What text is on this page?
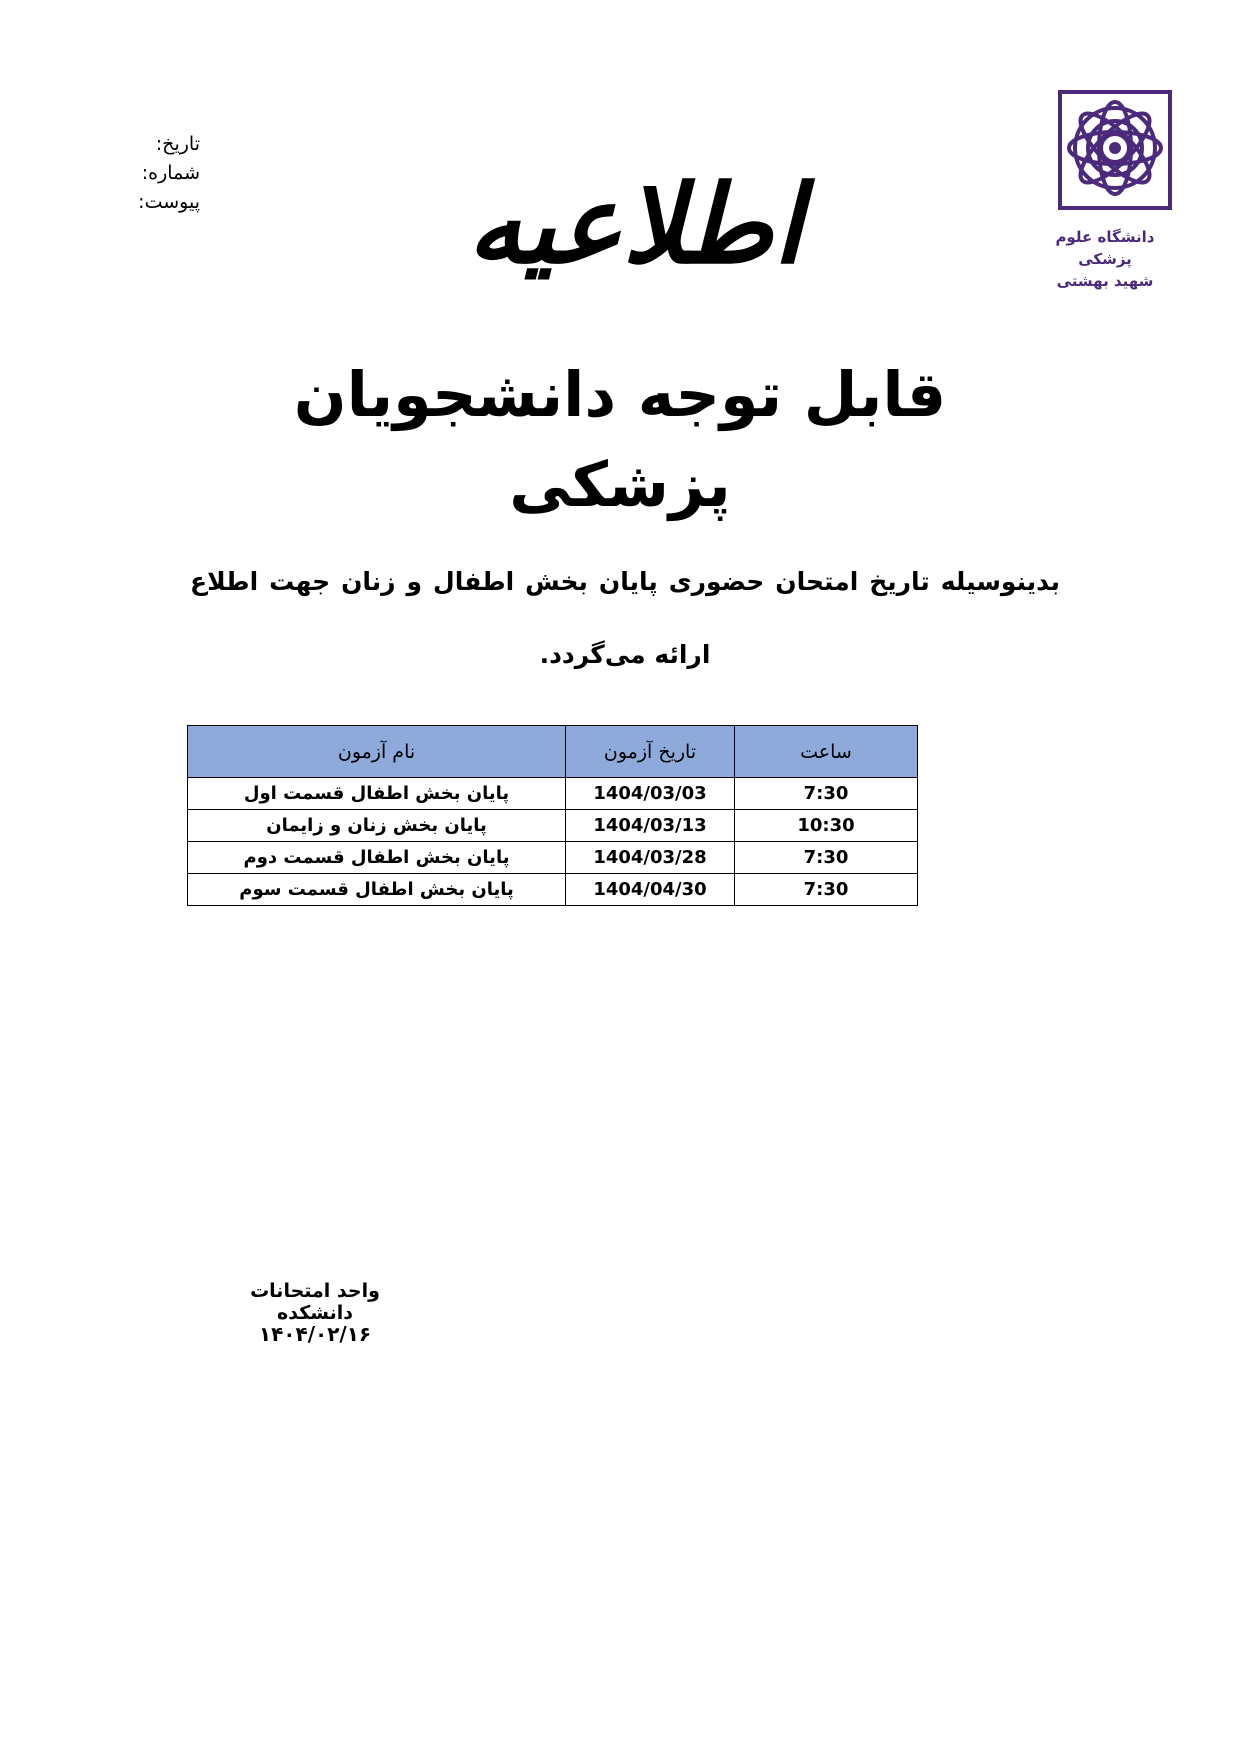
تاریخ:
شماره:
پیوست:
دانشگاه علوم پزشکی
شهید بهشتی
اطلاعیه
قابل توجه دانشجویان پزشکی
بدینوسیله تاریخ امتحان حضوری پایان بخش اطفال و زنان جهت اطلاع ارائه می‌گردد.
ساعت	تاریخ آزمون	نام آزمون
7:30	1404/03/03	پایان بخش اطفال قسمت اول
10:30	1404/03/13	پایان بخش زنان و زایمان
7:30	1404/03/28	پایان بخش اطفال قسمت دوم
7:30	1404/04/30	پایان بخش اطفال قسمت سوم
واحد امتحانات دانشکده
۱۴۰۴/۰۲/۱۶
